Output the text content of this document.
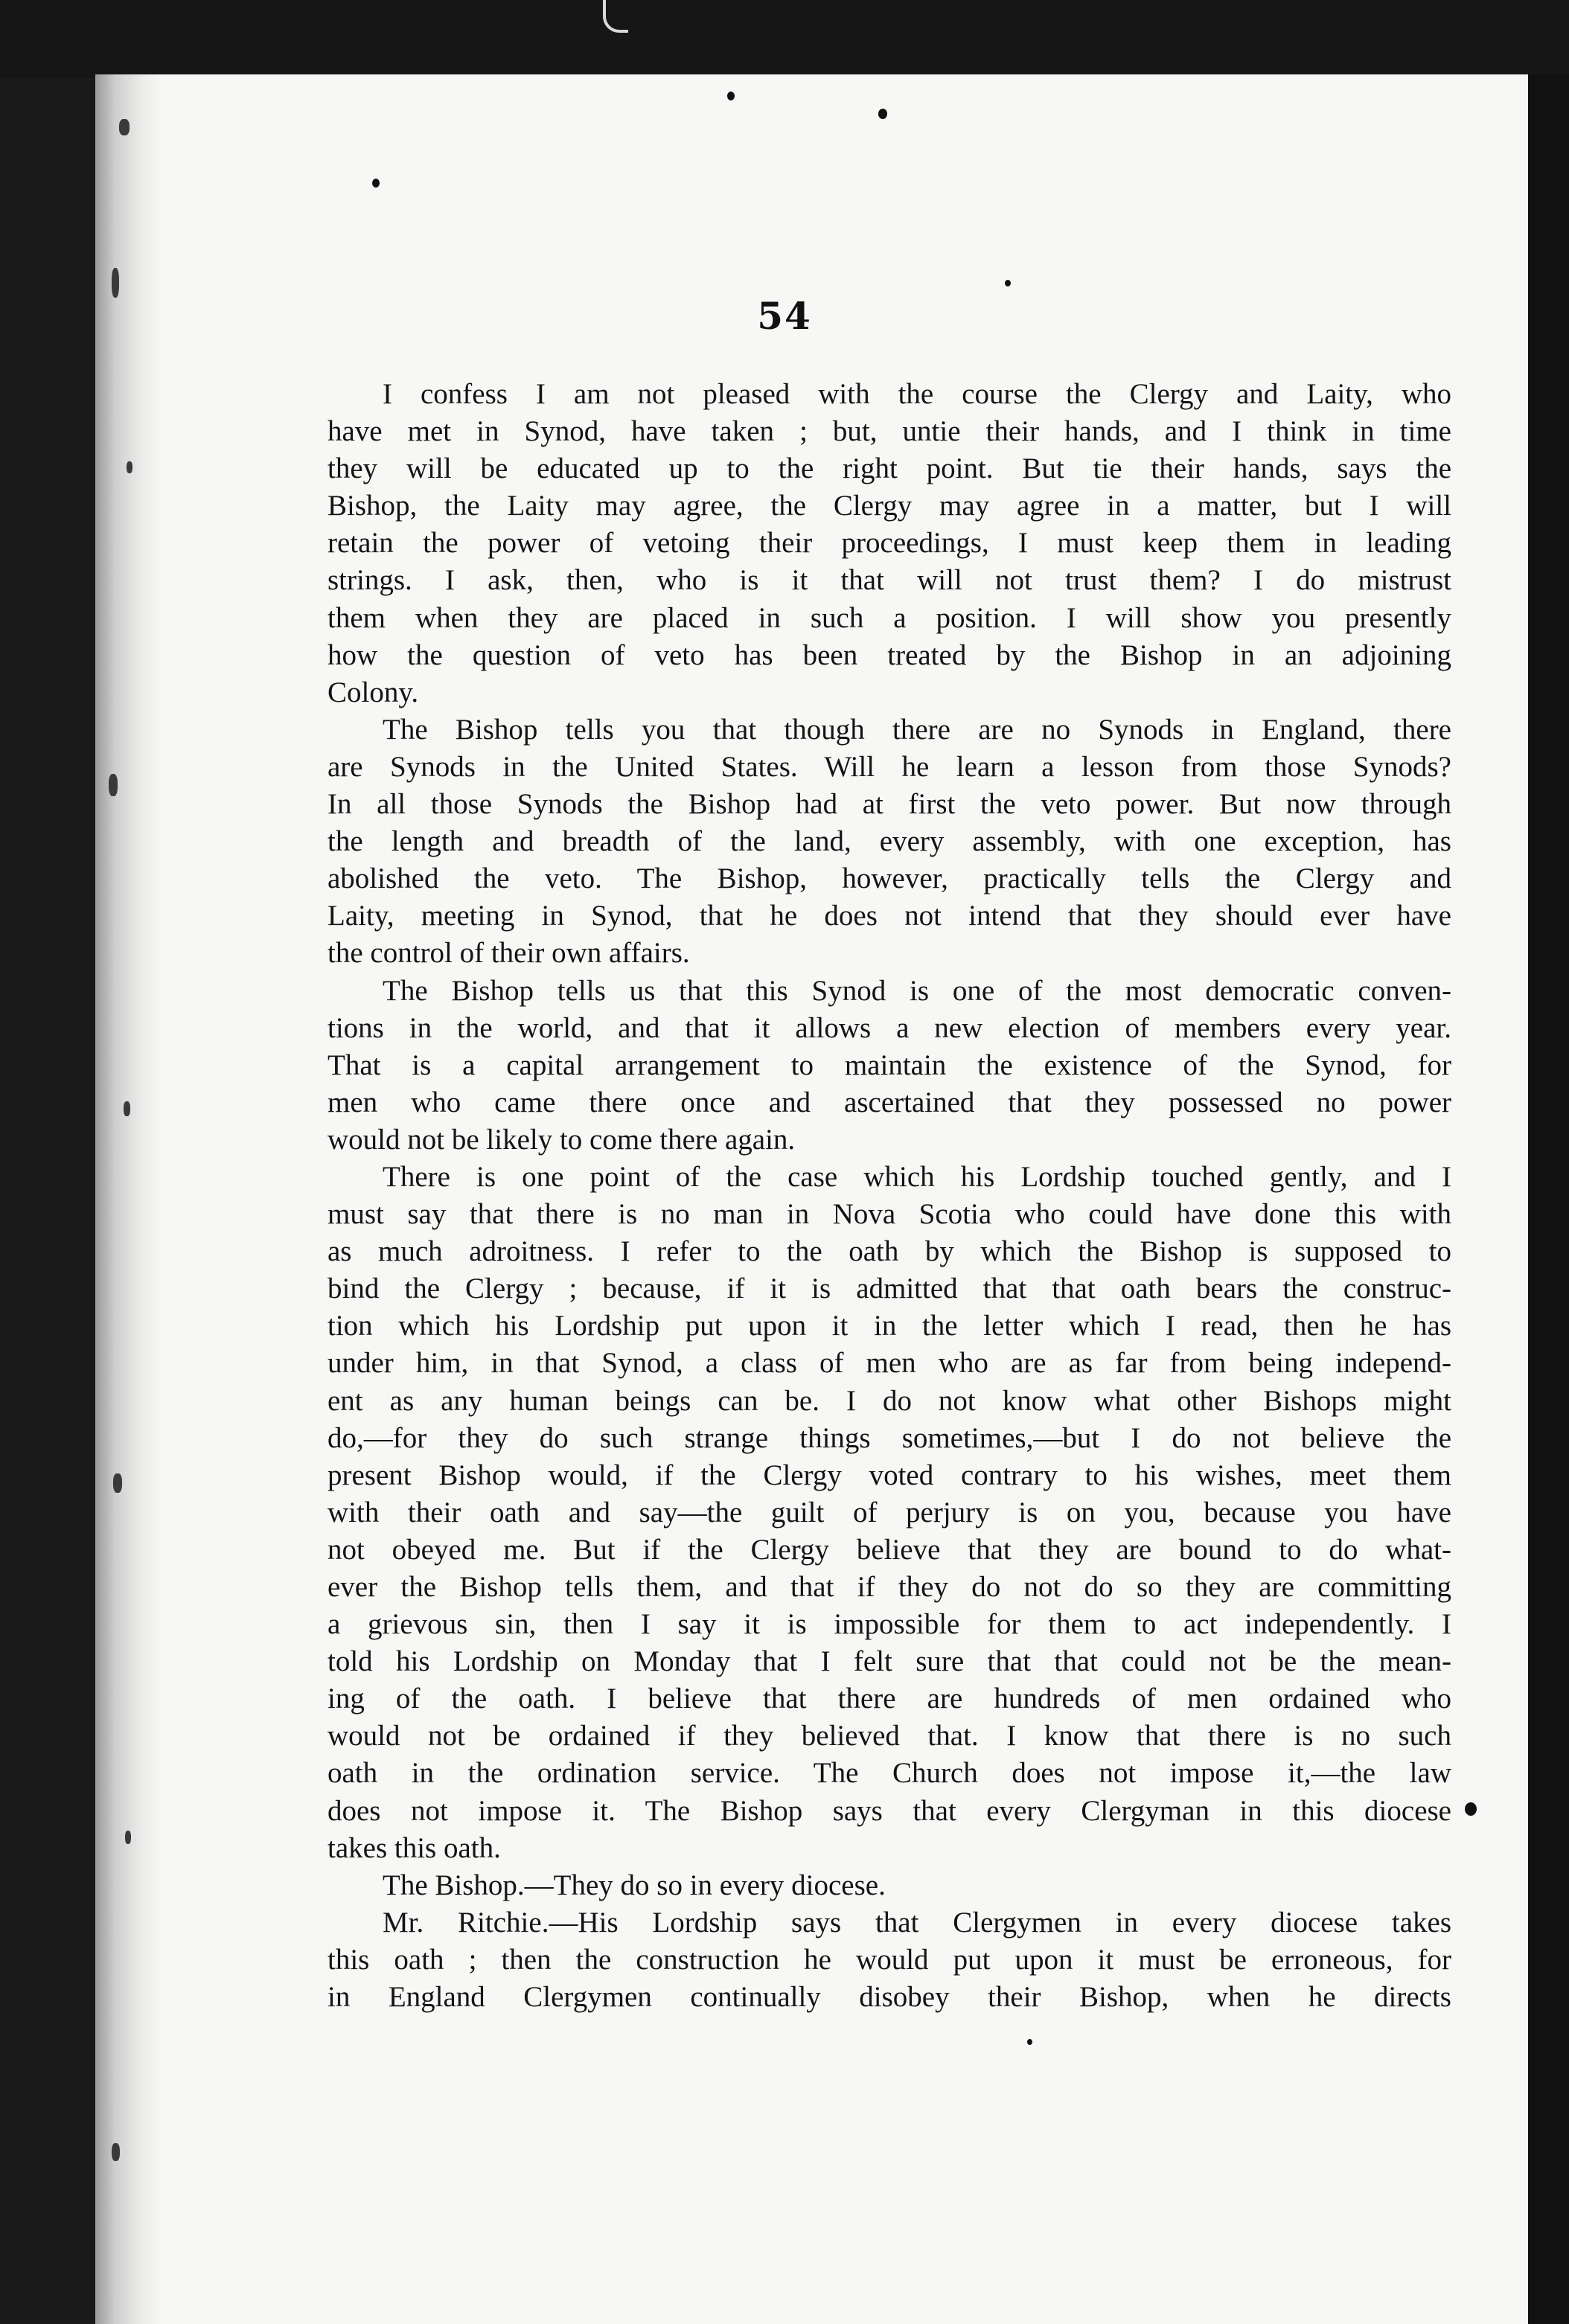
54
I confess I am not pleased with the course the Clergy and Laity, who
have met in Synod, have taken ; but, untie their hands, and I think in time
they will be educated up to the right point. But tie their hands, says the
Bishop, the Laity may agree, the Clergy may agree in a matter, but I will
retain the power of vetoing their proceedings, I must keep them in leading
strings. I ask, then, who is it that will not trust them? I do mistrust
them when they are placed in such a position. I will show you presently
how the question of veto has been treated by the Bishop in an adjoining
Colony.
The Bishop tells you that though there are no Synods in England, there
are Synods in the United States. Will he learn a lesson from those Synods?
In all those Synods the Bishop had at first the veto power. But now through
the length and breadth of the land, every assembly, with one exception, has
abolished the veto. The Bishop, however, practically tells the Clergy and
Laity, meeting in Synod, that he does not intend that they should ever have
the control of their own affairs.
The Bishop tells us that this Synod is one of the most democratic conven-
tions in the world, and that it allows a new election of members every year.
That is a capital arrangement to maintain the existence of the Synod, for
men who came there once and ascertained that they possessed no power
would not be likely to come there again.
There is one point of the case which his Lordship touched gently, and I
must say that there is no man in Nova Scotia who could have done this with
as much adroitness. I refer to the oath by which the Bishop is supposed to
bind the Clergy ; because, if it is admitted that that oath bears the construc-
tion which his Lordship put upon it in the letter which I read, then he has
under him, in that Synod, a class of men who are as far from being independ-
ent as any human beings can be. I do not know what other Bishops might
do,—for they do such strange things sometimes,—but I do not believe the
present Bishop would, if the Clergy voted contrary to his wishes, meet them
with their oath and say—the guilt of perjury is on you, because you have
not obeyed me. But if the Clergy believe that they are bound to do what-
ever the Bishop tells them, and that if they do not do so they are committing
a grievous sin, then I say it is impossible for them to act independently. I
told his Lordship on Monday that I felt sure that that could not be the mean-
ing of the oath. I believe that there are hundreds of men ordained who
would not be ordained if they believed that. I know that there is no such
oath in the ordination service. The Church does not impose it,—the law
does not impose it. The Bishop says that every Clergyman in this diocese
takes this oath.
The Bishop.—They do so in every diocese.
Mr. Ritchie.—His Lordship says that Clergymen in every diocese takes
this oath ; then the construction he would put upon it must be erroneous, for
in England Clergymen continually disobey their Bishop, when he directs
